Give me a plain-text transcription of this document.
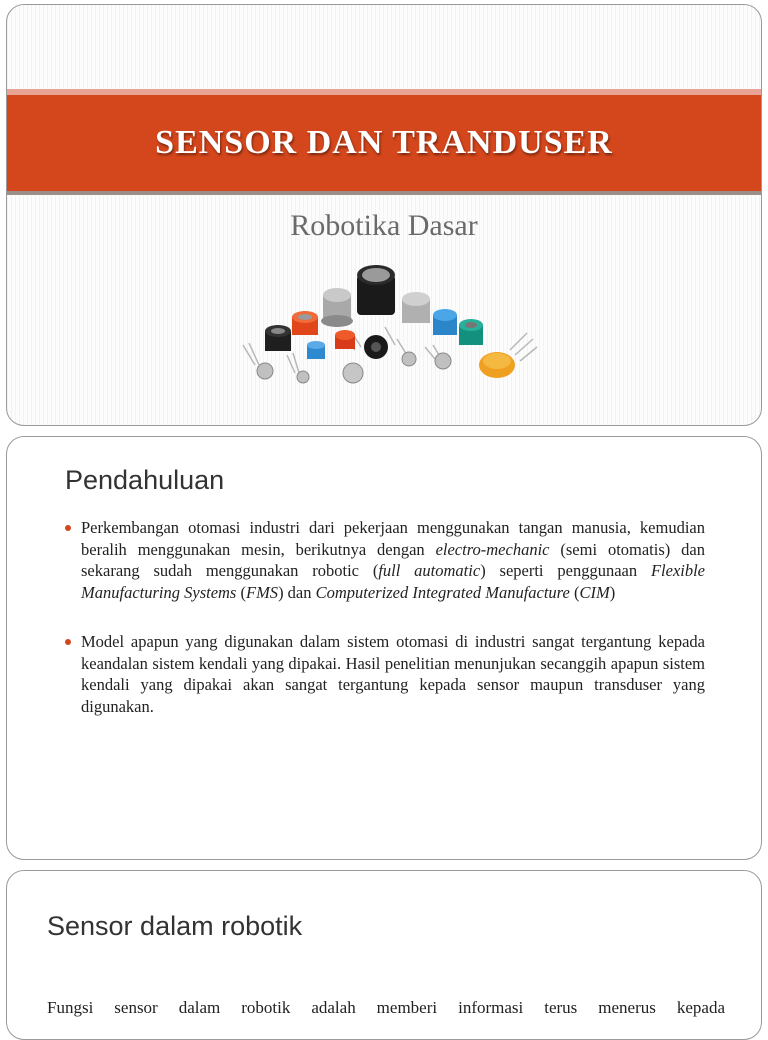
SENSOR DAN TRANDUSER
Robotika Dasar
Pendahuluan
Perkembangan otomasi industri dari pekerjaan menggunakan tangan manusia, kemudian beralih menggunakan mesin, berikutnya dengan electro-mechanic (semi otomatis) dan sekarang sudah menggunakan robotic (full automatic) seperti penggunaan Flexible Manufacturing Systems (FMS) dan Computerized Integrated Manufacture (CIM)
Model apapun yang digunakan dalam sistem otomasi di industri sangat tergantung kepada keandalan sistem kendali yang dipakai. Hasil penelitian menunjukan secanggih apapun sistem kendali yang dipakai akan sangat tergantung kepada sensor maupun transduser yang digunakan.
Sensor dalam robotik
Fungsi sensor dalam robotik adalah memberi informasi terus menerus kepada
